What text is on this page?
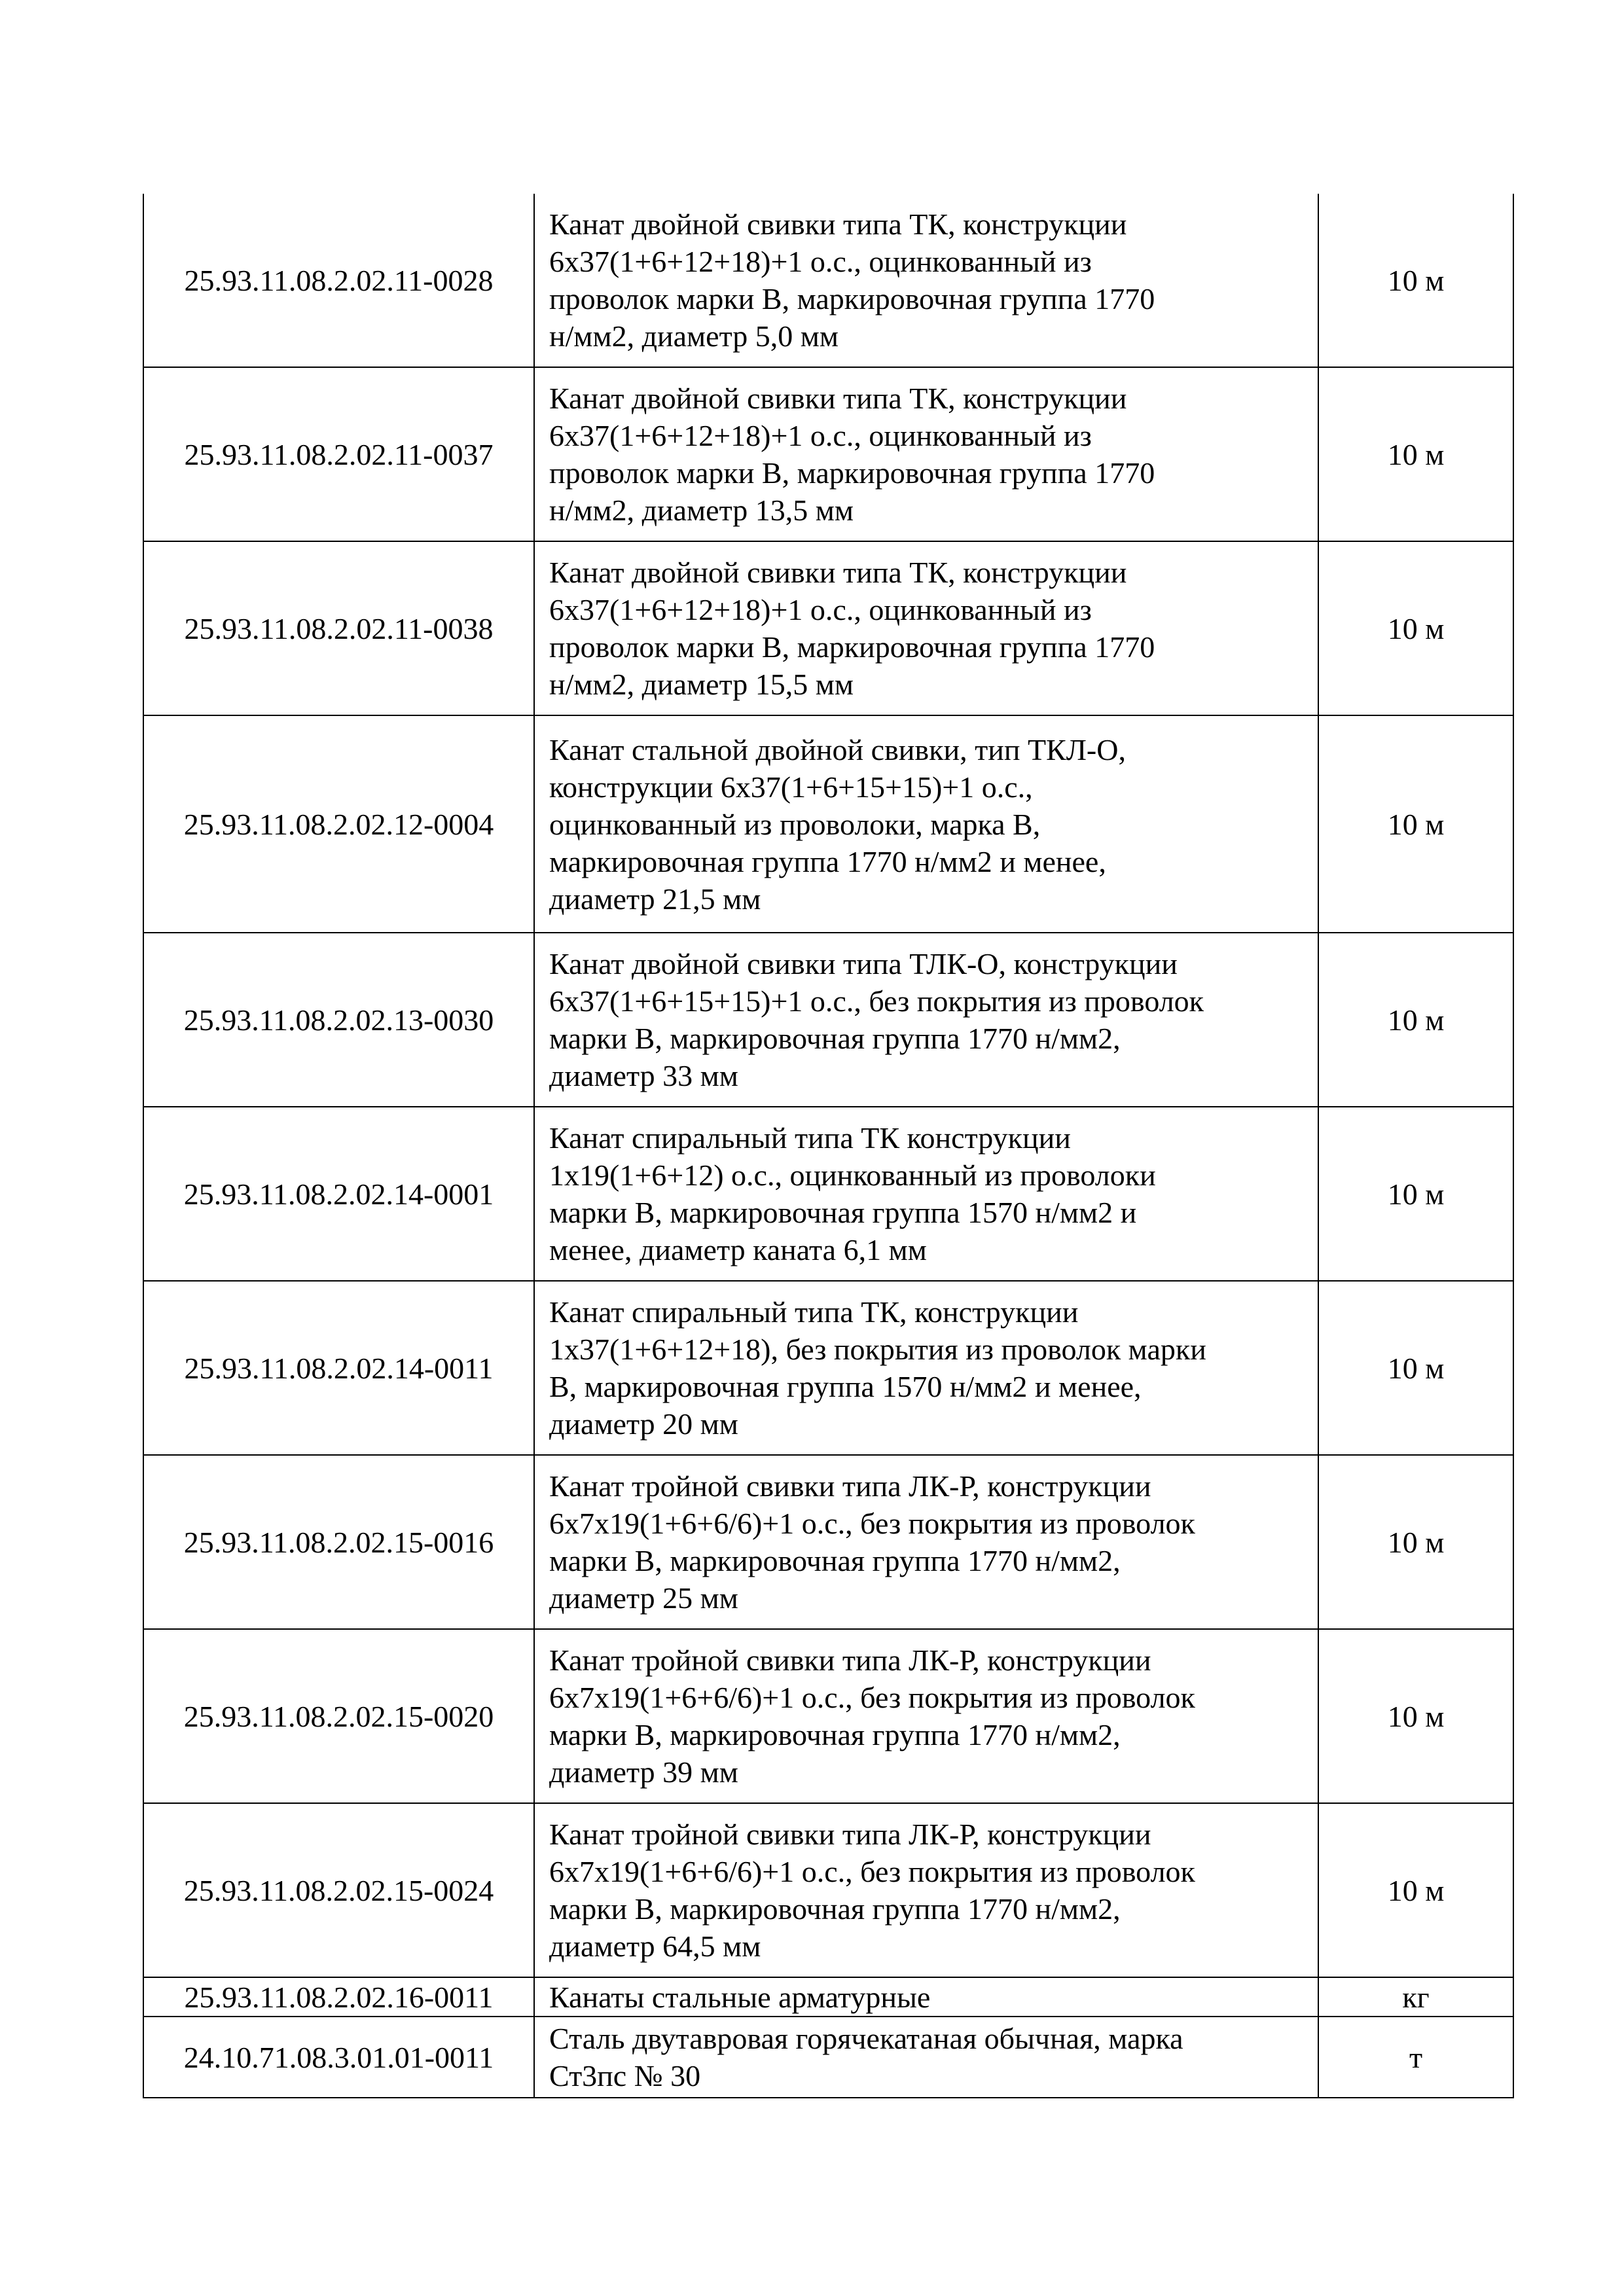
25.93.11.08.2.02.11-0028	Канат двойной свивки типа ТК, конструкции
6х37(1+6+12+18)+1 о.с., оцинкованный из
проволок марки В, маркировочная группа 1770
н/мм2, диаметр 5,0 мм	10 м
25.93.11.08.2.02.11-0037	Канат двойной свивки типа ТК, конструкции
6х37(1+6+12+18)+1 о.с., оцинкованный из
проволок марки В, маркировочная группа 1770
н/мм2, диаметр 13,5 мм	10 м
25.93.11.08.2.02.11-0038	Канат двойной свивки типа ТК, конструкции
6х37(1+6+12+18)+1 о.с., оцинкованный из
проволок марки В, маркировочная группа 1770
н/мм2, диаметр 15,5 мм	10 м
25.93.11.08.2.02.12-0004	Канат стальной двойной свивки, тип ТКЛ-О,
конструкции 6х37(1+6+15+15)+1 о.с.,
оцинкованный из проволоки, марка В,
маркировочная группа 1770 н/мм2 и менее,
диаметр 21,5 мм	10 м
25.93.11.08.2.02.13-0030	Канат двойной свивки типа ТЛК-О, конструкции
6х37(1+6+15+15)+1 о.с., без покрытия из проволок
марки В, маркировочная группа 1770 н/мм2,
диаметр 33 мм	10 м
25.93.11.08.2.02.14-0001	Канат спиральный типа ТК конструкции
1х19(1+6+12) о.с., оцинкованный из проволоки
марки В, маркировочная группа 1570 н/мм2 и
менее, диаметр каната 6,1 мм	10 м
25.93.11.08.2.02.14-0011	Канат спиральный типа ТК, конструкции
1х37(1+6+12+18), без покрытия из проволок марки
В, маркировочная группа 1570 н/мм2 и менее,
диаметр 20 мм	10 м
25.93.11.08.2.02.15-0016	Канат тройной свивки типа ЛК-Р, конструкции
6х7х19(1+6+6/6)+1 о.с., без покрытия из проволок
марки В, маркировочная группа 1770 н/мм2,
диаметр 25 мм	10 м
25.93.11.08.2.02.15-0020	Канат тройной свивки типа ЛК-Р, конструкции
6х7х19(1+6+6/6)+1 о.с., без покрытия из проволок
марки В, маркировочная группа 1770 н/мм2,
диаметр 39 мм	10 м
25.93.11.08.2.02.15-0024	Канат тройной свивки типа ЛК-Р, конструкции
6х7х19(1+6+6/6)+1 о.с., без покрытия из проволок
марки В, маркировочная группа 1770 н/мм2,
диаметр 64,5 мм	10 м
25.93.11.08.2.02.16-0011	Канаты стальные арматурные	кг
24.10.71.08.3.01.01-0011	Сталь двутавровая горячекатаная обычная, марка
Ст3пс № 30	т
